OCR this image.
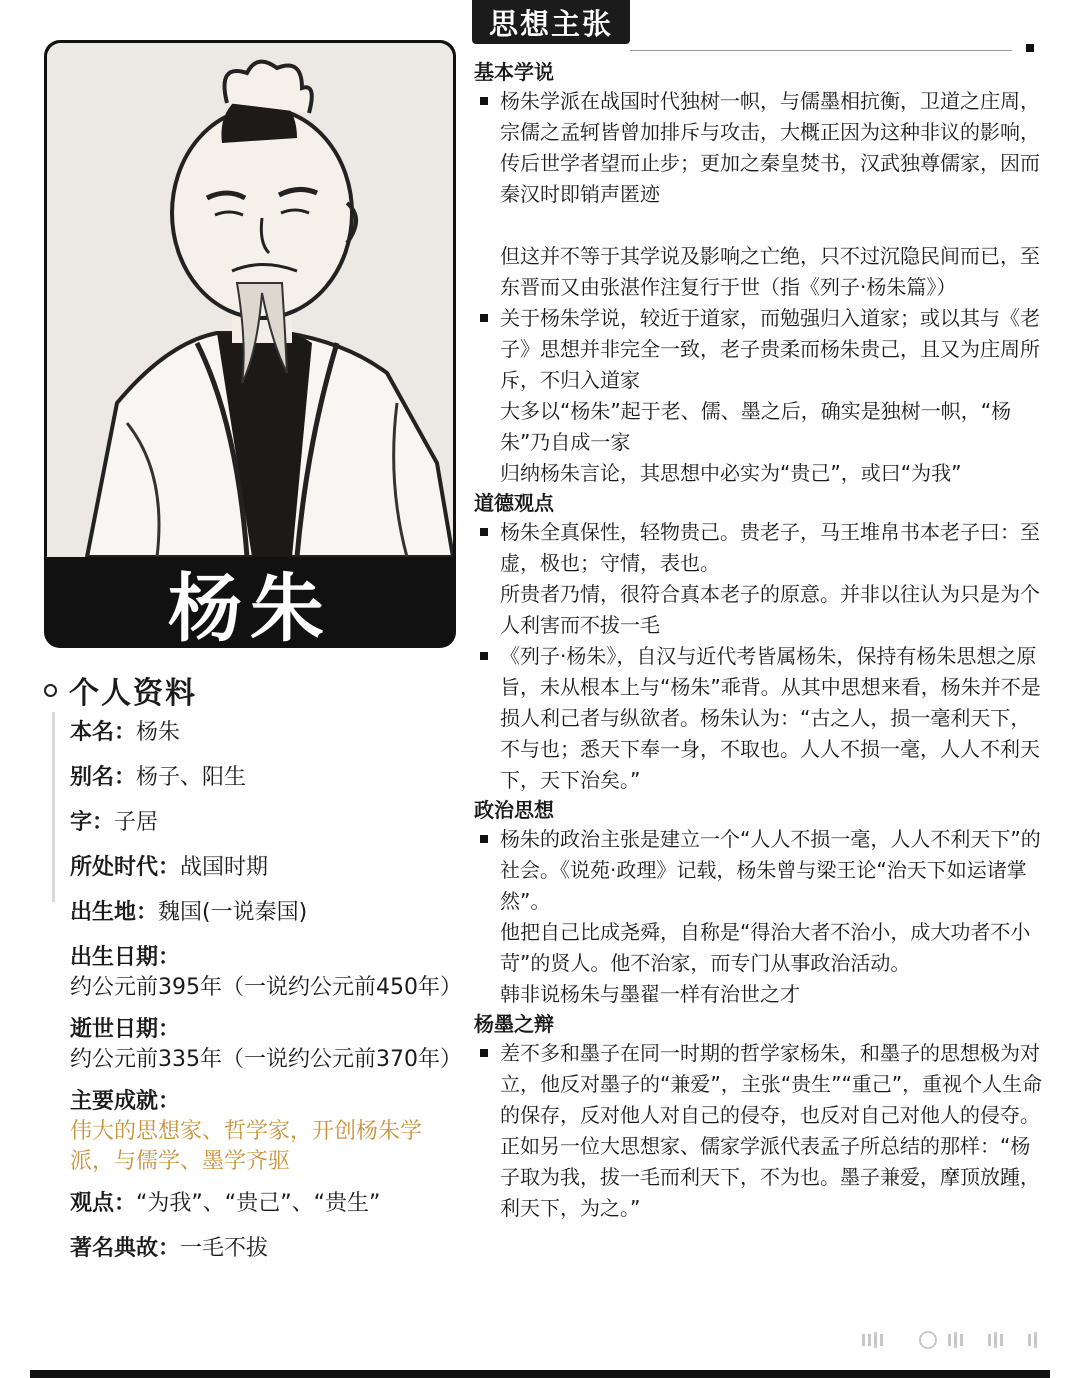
杨朱
个人资料
本名：杨朱
别名：杨子、阳生
字：子居
所处时代：战国时期
出生地：魏国(一说秦国)
出生日期：
约公元前395年（一说约公元前450年）
逝世日期：
约公元前335年（一说约公元前370年）
主要成就：
伟大的思想家、哲学家，开创杨朱学派，与儒学、墨学齐驱
观点：“为我”、“贵己”、“贵生”
著名典故：一毛不拔
思想主张
基本学说

杨朱学派在战国时代独树一帜，与儒墨相抗衡，卫道之庄周，宗儒之孟轲皆曾加排斥与攻击，大概正因为这种非议的影响，传后世学者望而止步；更加之秦皇焚书，汉武独尊儒家，因而秦汉时即销声匿迹

但这并不等于其学说及影响之亡绝，只不过沉隐民间而已，至东晋而又由张湛作注复行于世（指《列子·杨朱篇》）

关于杨朱学说，较近于道家，而勉强归入道家；或以其与《老子》思想并非完全一致，老子贵柔而杨朱贵己，且又为庄周所斥，不归入道家

大多以“杨朱”起于老、儒、墨之后，确实是独树一帜，“杨朱”乃自成一家

归纳杨朱言论，其思想中必实为“贵己”，或曰“为我”

道德观点

杨朱全真保性，轻物贵己。贵老子，马王堆帛书本老子曰：至虚，极也；守情，表也。

所贵者乃情，很符合真本老子的原意。并非以往认为只是为个人利害而不拔一毛

《列子·杨朱》，自汉与近代考皆属杨朱，保持有杨朱思想之原旨，未从根本上与“杨朱”乖背。从其中思想来看，杨朱并不是损人利己者与纵欲者。杨朱认为：“古之人，损一毫利天下，不与也；悉天下奉一身，不取也。人人不损一毫，人人不利天下，天下治矣。”

政治思想

杨朱的政治主张是建立一个“人人不损一毫，人人不利天下”的社会。《说苑·政理》记载，杨朱曾与梁王论“治天下如运诸掌然”。

他把自己比成尧舜，自称是“得治大者不治小，成大功者不小苛”的贤人。他不治家，而专门从事政治活动。

韩非说杨朱与墨翟一样有治世之才

杨墨之辩

差不多和墨子在同一时期的哲学家杨朱，和墨子的思想极为对立，他反对墨子的“兼爱”，主张“贵生”“重己”，重视个人生命的保存，反对他人对自己的侵夺，也反对自己对他人的侵夺。

正如另一位大思想家、儒家学派代表孟子所总结的那样：“杨子取为我，拔一毛而利天下，不为也。墨子兼爱，摩顶放踵，利天下，为之。”
